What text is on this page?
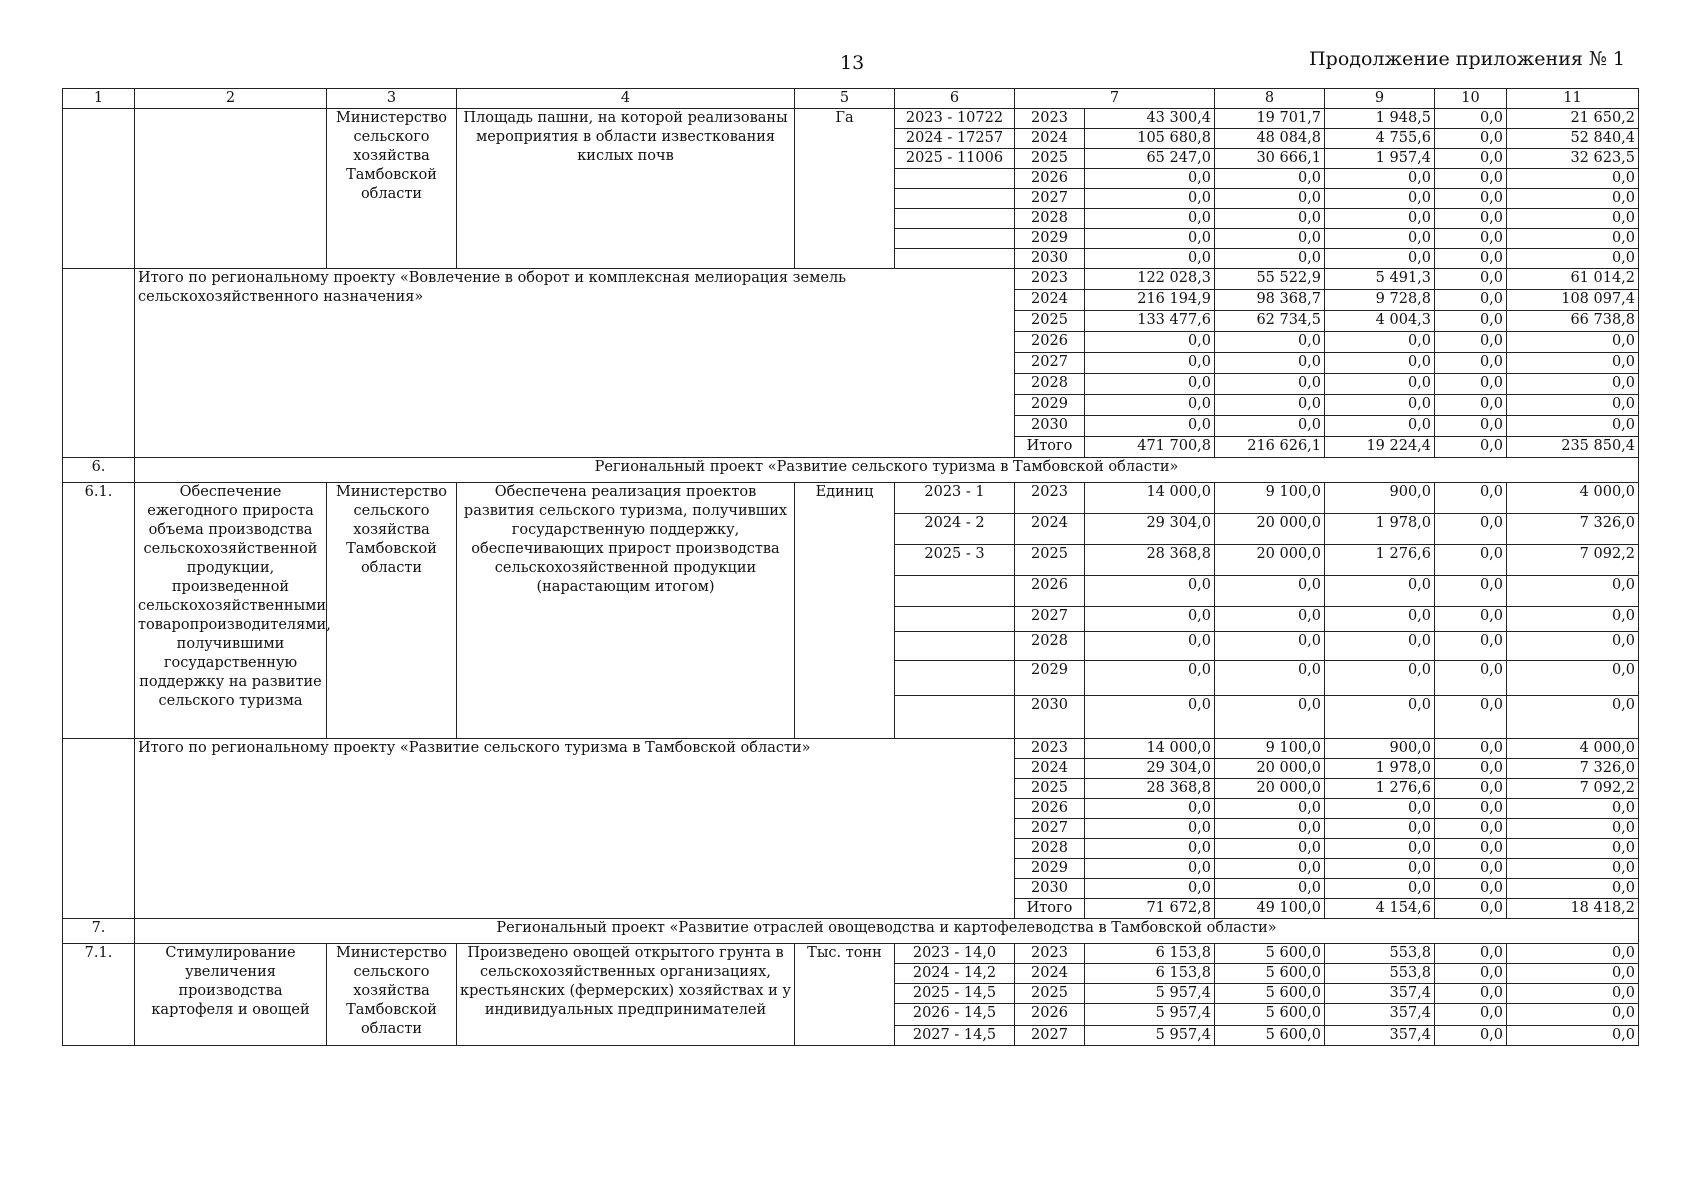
13	Продолжение приложения № 1
1	2	3	4	5	6	7		8	9	10	11
		Министерство сельского хозяйства Тамбовской области	Площадь пашни, на которой реализованы мероприятия в области известкования кислых почв	Га	2023 - 10722	2023	43 300,4	19 701,7	1 948,5	0,0	21 650,2
					2024 - 17257	2024	105 680,8	48 084,8	4 755,6	0,0	52 840,4
					2025 - 11006	2025	65 247,0	30 666,1	1 957,4	0,0	32 623,5
						2026	0,0	0,0	0,0	0,0	0,0
						2027	0,0	0,0	0,0	0,0	0,0
						2028	0,0	0,0	0,0	0,0	0,0
						2029	0,0	0,0	0,0	0,0	0,0
						2030	0,0	0,0	0,0	0,0	0,0
	Итого по региональному проекту «Вовлечение в оборот и комплексная мелиорация земель сельскохозяйственного назначения»					2023	122 028,3	55 522,9	5 491,3	0,0	61 014,2
						2024	216 194,9	98 368,7	9 728,8	0,0	108 097,4
						2025	133 477,6	62 734,5	4 004,3	0,0	66 738,8
						2026	0,0	0,0	0,0	0,0	0,0
						2027	0,0	0,0	0,0	0,0	0,0
						2028	0,0	0,0	0,0	0,0	0,0
						2029	0,0	0,0	0,0	0,0	0,0
						2030	0,0	0,0	0,0	0,0	0,0
						Итого	471 700,8	216 626,1	19 224,4	0,0	235 850,4
6.	Региональный проект «Развитие сельского туризма в Тамбовской области»										
6.1.	Обеспечение ежегодного прироста объема производства сельскохозяйственной продукции, произведенной сельскохозяйственными товаропроизводителями, получившими государственную поддержку на развитие сельского туризма	Министерство сельского хозяйства Тамбовской области	Обеспечена реализация проектов развития сельского туризма, получивших государственную поддержку, обеспечивающих прирост производства сельскохозяйственной продукции (нарастающим итогом)	Единиц	2023 - 1	2023	14 000,0	9 100,0	900,0	0,0	4 000,0
					2024 - 2	2024	29 304,0	20 000,0	1 978,0	0,0	7 326,0
					2025 - 3	2025	28 368,8	20 000,0	1 276,6	0,0	7 092,2
						2026	0,0	0,0	0,0	0,0	0,0
						2027	0,0	0,0	0,0	0,0	0,0
						2028	0,0	0,0	0,0	0,0	0,0
						2029	0,0	0,0	0,0	0,0	0,0
						2030	0,0	0,0	0,0	0,0	0,0
	Итого по региональному проекту «Развитие сельского туризма в Тамбовской области»					2023	14 000,0	9 100,0	900,0	0,0	4 000,0
						2024	29 304,0	20 000,0	1 978,0	0,0	7 326,0
						2025	28 368,8	20 000,0	1 276,6	0,0	7 092,2
						2026	0,0	0,0	0,0	0,0	0,0
						2027	0,0	0,0	0,0	0,0	0,0
						2028	0,0	0,0	0,0	0,0	0,0
						2029	0,0	0,0	0,0	0,0	0,0
						2030	0,0	0,0	0,0	0,0	0,0
						Итого	71 672,8	49 100,0	4 154,6	0,0	18 418,2
7.	Региональный проект «Развитие отраслей овощеводства и картофелеводства в Тамбовской области»										
7.1.	Стимулирование увеличения производства картофеля и овощей	Министерство сельского хозяйства Тамбовской области	Произведено овощей открытого грунта в сельскохозяйственных организациях, крестьянских (фермерских) хозяйствах и у индивидуальных предпринимателей	Тыс. тонн	2023 - 14,0	2023	6 153,8	5 600,0	553,8	0,0	0,0
					2024 - 14,2	2024	6 153,8	5 600,0	553,8	0,0	0,0
					2025 - 14,5	2025	5 957,4	5 600,0	357,4	0,0	0,0
					2026 - 14,5	2026	5 957,4	5 600,0	357,4	0,0	0,0
					2027 - 14,5	2027	5 957,4	5 600,0	357,4	0,0	0,0
